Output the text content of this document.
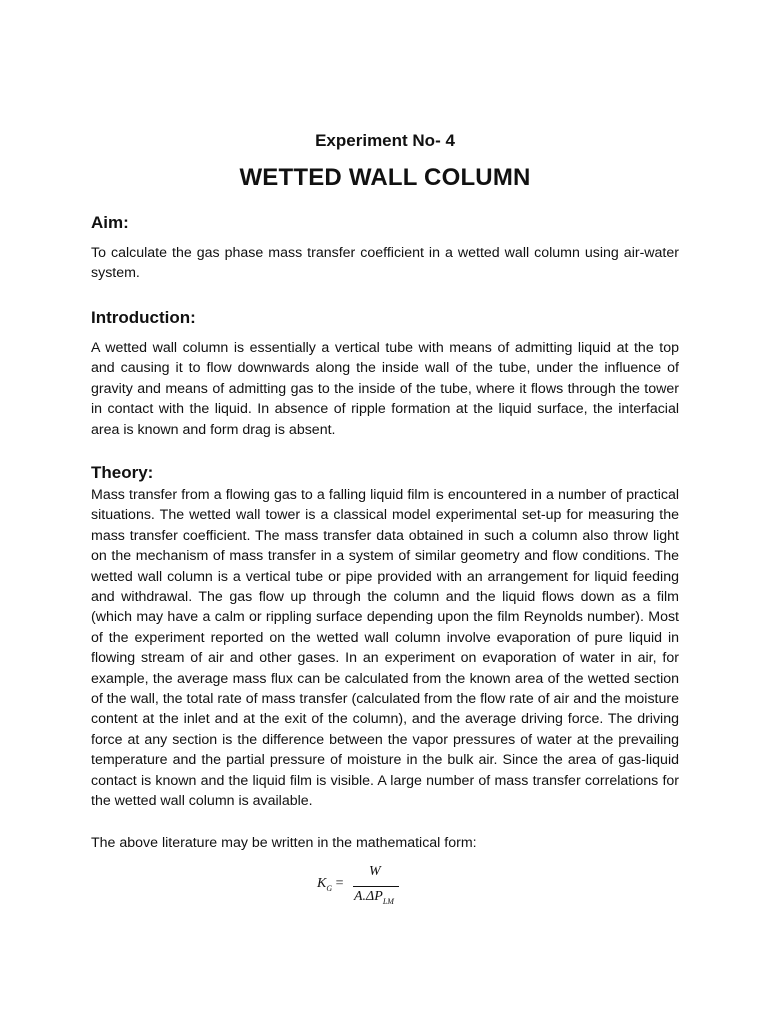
Experiment No- 4
WETTED WALL COLUMN
Aim:
To calculate the gas phase mass transfer coefficient in a wetted wall column using air-water system.
Introduction:
A wetted wall column is essentially a vertical tube with means of admitting liquid at the top and causing it to flow downwards along the inside wall of the tube, under the influence of gravity and means of admitting gas to the inside of the tube, where it flows through the tower in contact with the liquid. In absence of ripple formation at the liquid surface, the interfacial area is known and form drag is absent.
Theory:
Mass transfer from a flowing gas to a falling liquid film is encountered in a number of practical situations. The wetted wall tower is a classical model experimental set-up for measuring the mass transfer coefficient. The mass transfer data obtained in such a column also throw light on the mechanism of mass transfer in a system of similar geometry and flow conditions. The wetted wall column is a vertical tube or pipe provided with an arrangement for liquid feeding and withdrawal. The gas flow up through the column and the liquid flows down as a film (which may have a calm or rippling surface depending upon the film Reynolds number). Most of the experiment reported on the wetted wall column involve evaporation of pure liquid in flowing stream of air and other gases. In an experiment on evaporation of water in air, for example, the average mass flux can be calculated from the known area of the wetted section of the wall, the total rate of mass transfer (calculated from the flow rate of air and the moisture content at the inlet and at the exit of the column), and the average driving force. The driving force at any section is the difference between the vapor pressures of water at the prevailing temperature and the partial pressure of moisture in the bulk air. Since the area of gas-liquid contact is known and the liquid film is visible. A large number of mass transfer correlations for the wetted wall column is available.
The above literature may be written in the mathematical form:
$K_G$ =
W
$A.\Delta P_{LM}$
